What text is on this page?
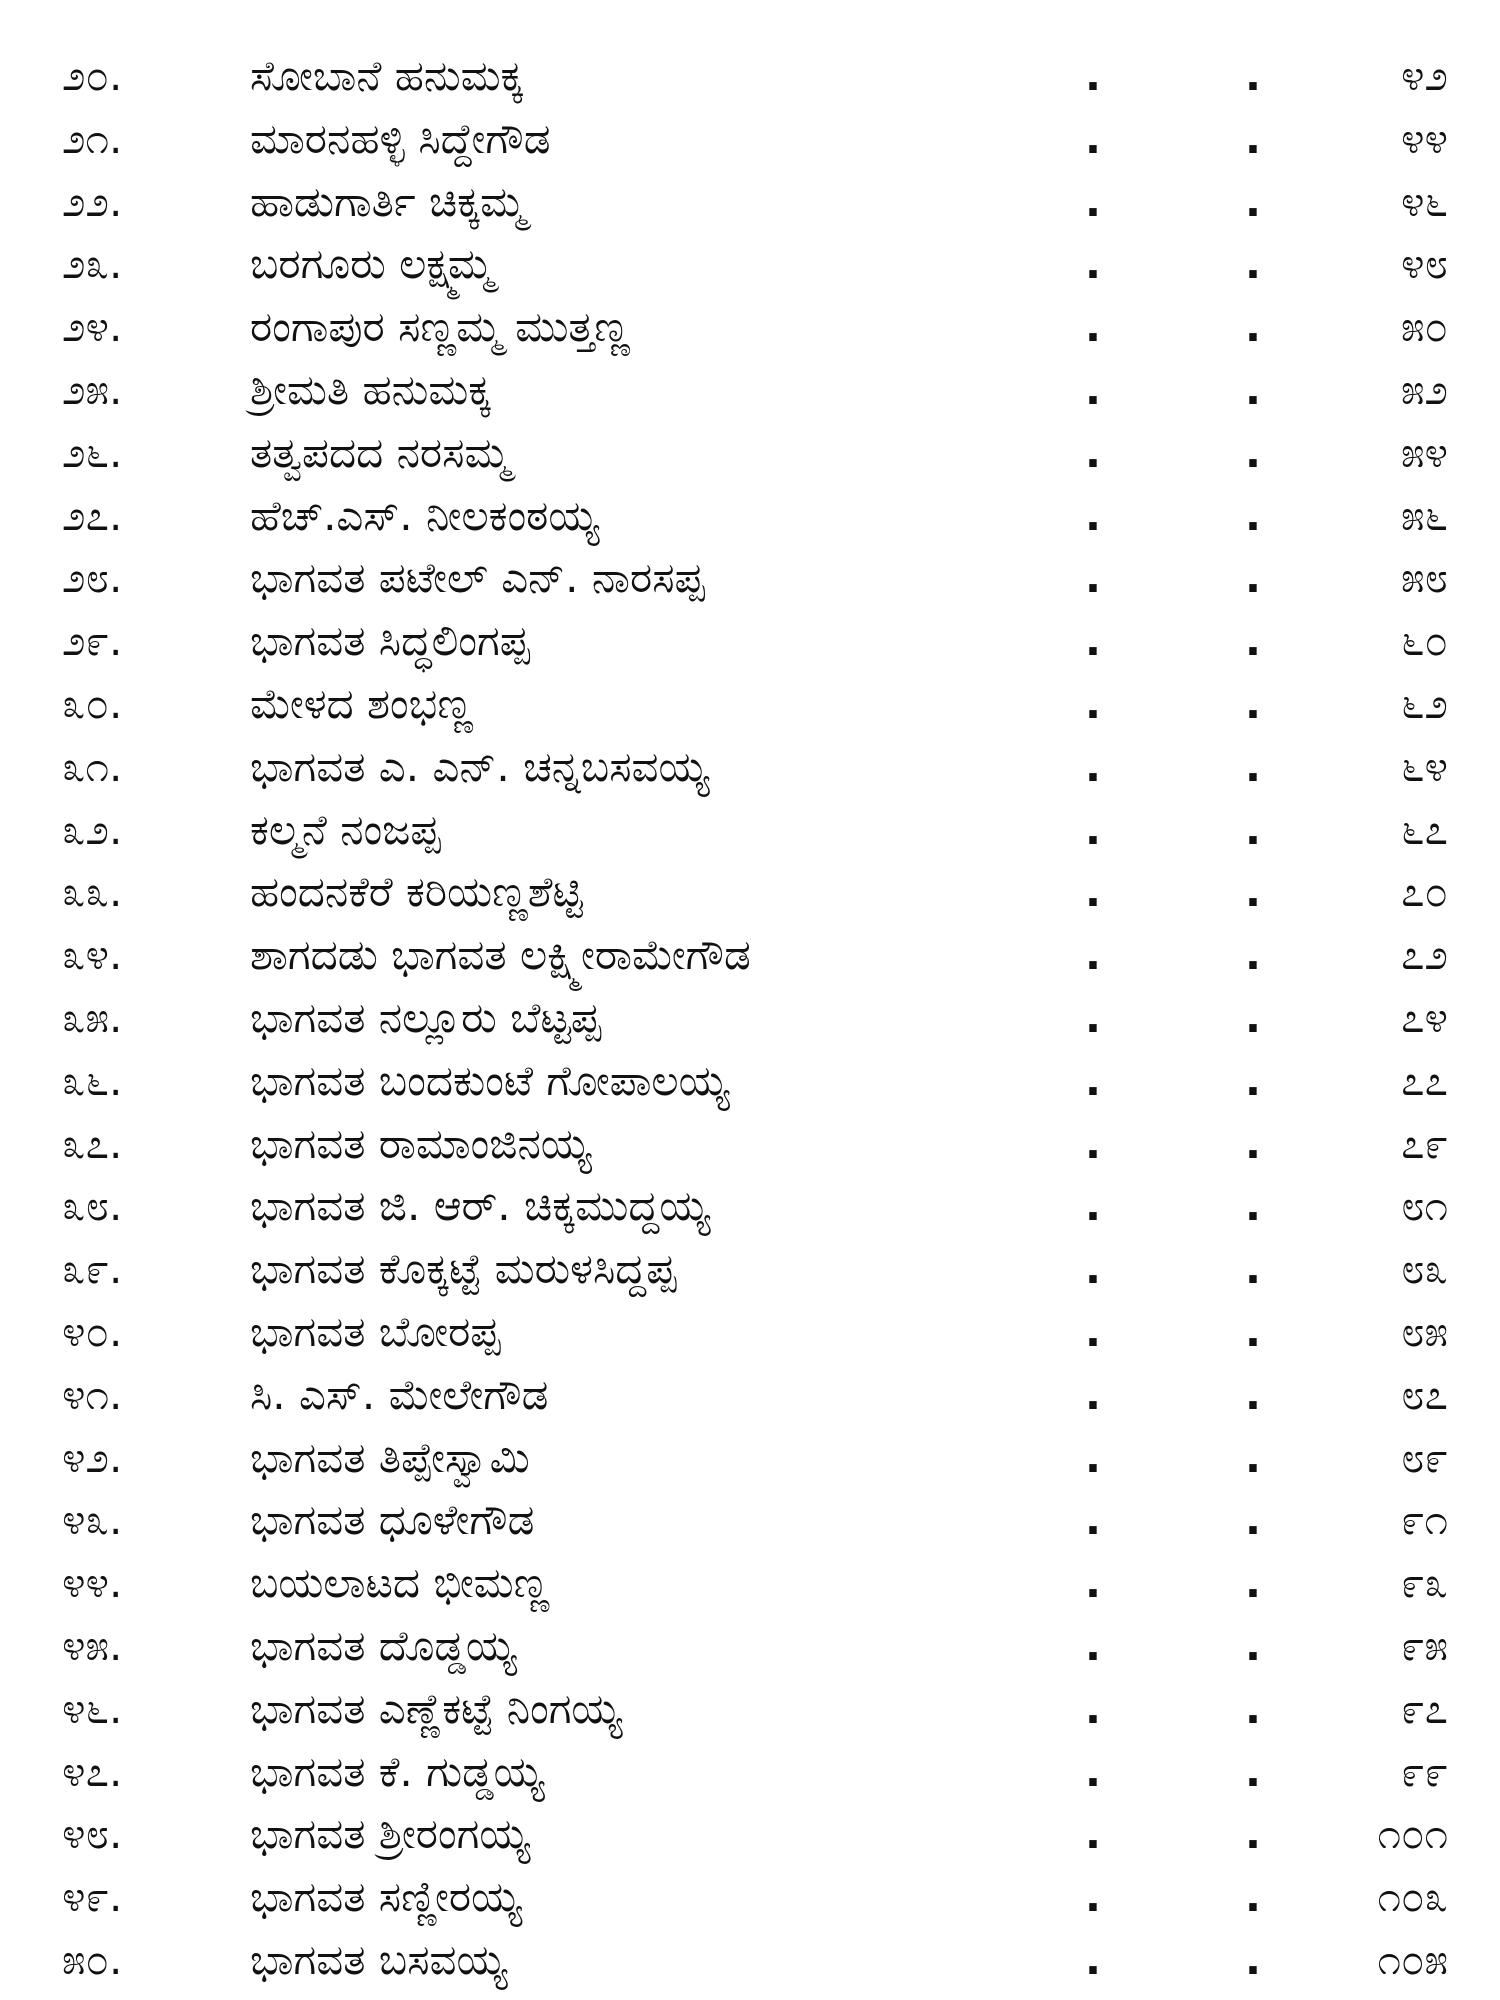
೨೦.	ಸೋಬಾನೆ ಹನುಮಕ್ಕ	.	.	೪೨
೨೧.	ಮಾರನಹಳ್ಳಿ ಸಿದ್ದೇಗೌಡ	.	.	೪೪
೨೨.	ಹಾಡುಗಾರ್ತಿ ಚಿಕ್ಕಮ್ಮ	.	.	೪೬
೨೩.	ಬರಗೂರು ಲಕ್ಷ್ಮಮ್ಮ	.	.	೪೮
೨೪.	ರಂಗಾಪುರ ಸಣ್ಣಮ್ಮ ಮುತ್ತಣ್ಣ	.	.	೫೦
೨೫.	ಶ್ರೀಮತಿ ಹನುಮಕ್ಕ	.	.	೫೨
೨೬.	ತತ್ವಪದದ ನರಸಮ್ಮ	.	.	೫೪
೨೭.	ಹೆಚ್.ಎಸ್. ನೀಲಕಂಠಯ್ಯ	.	.	೫೬
೨೮.	ಭಾಗವತ ಪಟೇಲ್ ಎನ್. ನಾರಸಪ್ಪ	.	.	೫೮
೨೯.	ಭಾಗವತ ಸಿದ್ಧಲಿಂಗಪ್ಪ	.	.	೬೦
೩೦.	ಮೇಳದ ಶಂಭಣ್ಣ	.	.	೬೨
೩೧.	ಭಾಗವತ ಎ. ಎನ್. ಚನ್ನಬಸವಯ್ಯ	.	.	೬೪
೩೨.	ಕಲ್ಮನೆ ನಂಜಪ್ಪ	.	.	೬೭
೩೩.	ಹಂದನಕೆರೆ ಕರಿಯಣ್ಣಶೆಟ್ಟಿ	.	.	೭೦
೩೪.	ಶಾಗದಡು ಭಾಗವತ ಲಕ್ಷ್ಮೀರಾಮೇಗೌಡ	.	.	೭೨
೩೫.	ಭಾಗವತ ನಲ್ಲೂರು ಬೆಟ್ಟಪ್ಪ	.	.	೭೪
೩೬.	ಭಾಗವತ ಬಂದಕುಂಟೆ ಗೋಪಾಲಯ್ಯ	.	.	೭೭
೩೭.	ಭಾಗವತ ರಾಮಾಂಜಿನಯ್ಯ	.	.	೭೯
೩೮.	ಭಾಗವತ ಜಿ. ಆರ್. ಚಿಕ್ಕಮುದ್ದಯ್ಯ	.	.	೮೧
೩೯.	ಭಾಗವತ ಕೊಕ್ಕಟ್ಟೆ ಮರುಳಸಿದ್ದಪ್ಪ	.	.	೮೩
೪೦.	ಭಾಗವತ ಬೋರಪ್ಪ	.	.	೮೫
೪೧.	ಸಿ. ಎಸ್. ಮೇಲೇಗೌಡ	.	.	೮೭
೪೨.	ಭಾಗವತ ತಿಪ್ಪೇಸ್ವಾಮಿ	.	.	೮೯
೪೩.	ಭಾಗವತ ಧೂಳೇಗೌಡ	.	.	೯೧
೪೪.	ಬಯಲಾಟದ ಭೀಮಣ್ಣ	.	.	೯೩
೪೫.	ಭಾಗವತ ದೊಡ್ಡಯ್ಯ	.	.	೯೫
೪೬.	ಭಾಗವತ ಎಣ್ಣೆಕಟ್ಟೆ ನಿಂಗಯ್ಯ	.	.	೯೭
೪೭.	ಭಾಗವತ ಕೆ. ಗುಡ್ಡಯ್ಯ	.	.	೯೯
೪೮.	ಭಾಗವತ ಶ್ರೀರಂಗಯ್ಯ	.	.	೧೦೧
೪೯.	ಭಾಗವತ ಸಣ್ಣೀರಯ್ಯ	.	.	೧೦೩
೫೦.	ಭಾಗವತ ಬಸವಯ್ಯ	.	.	೧೦೫
